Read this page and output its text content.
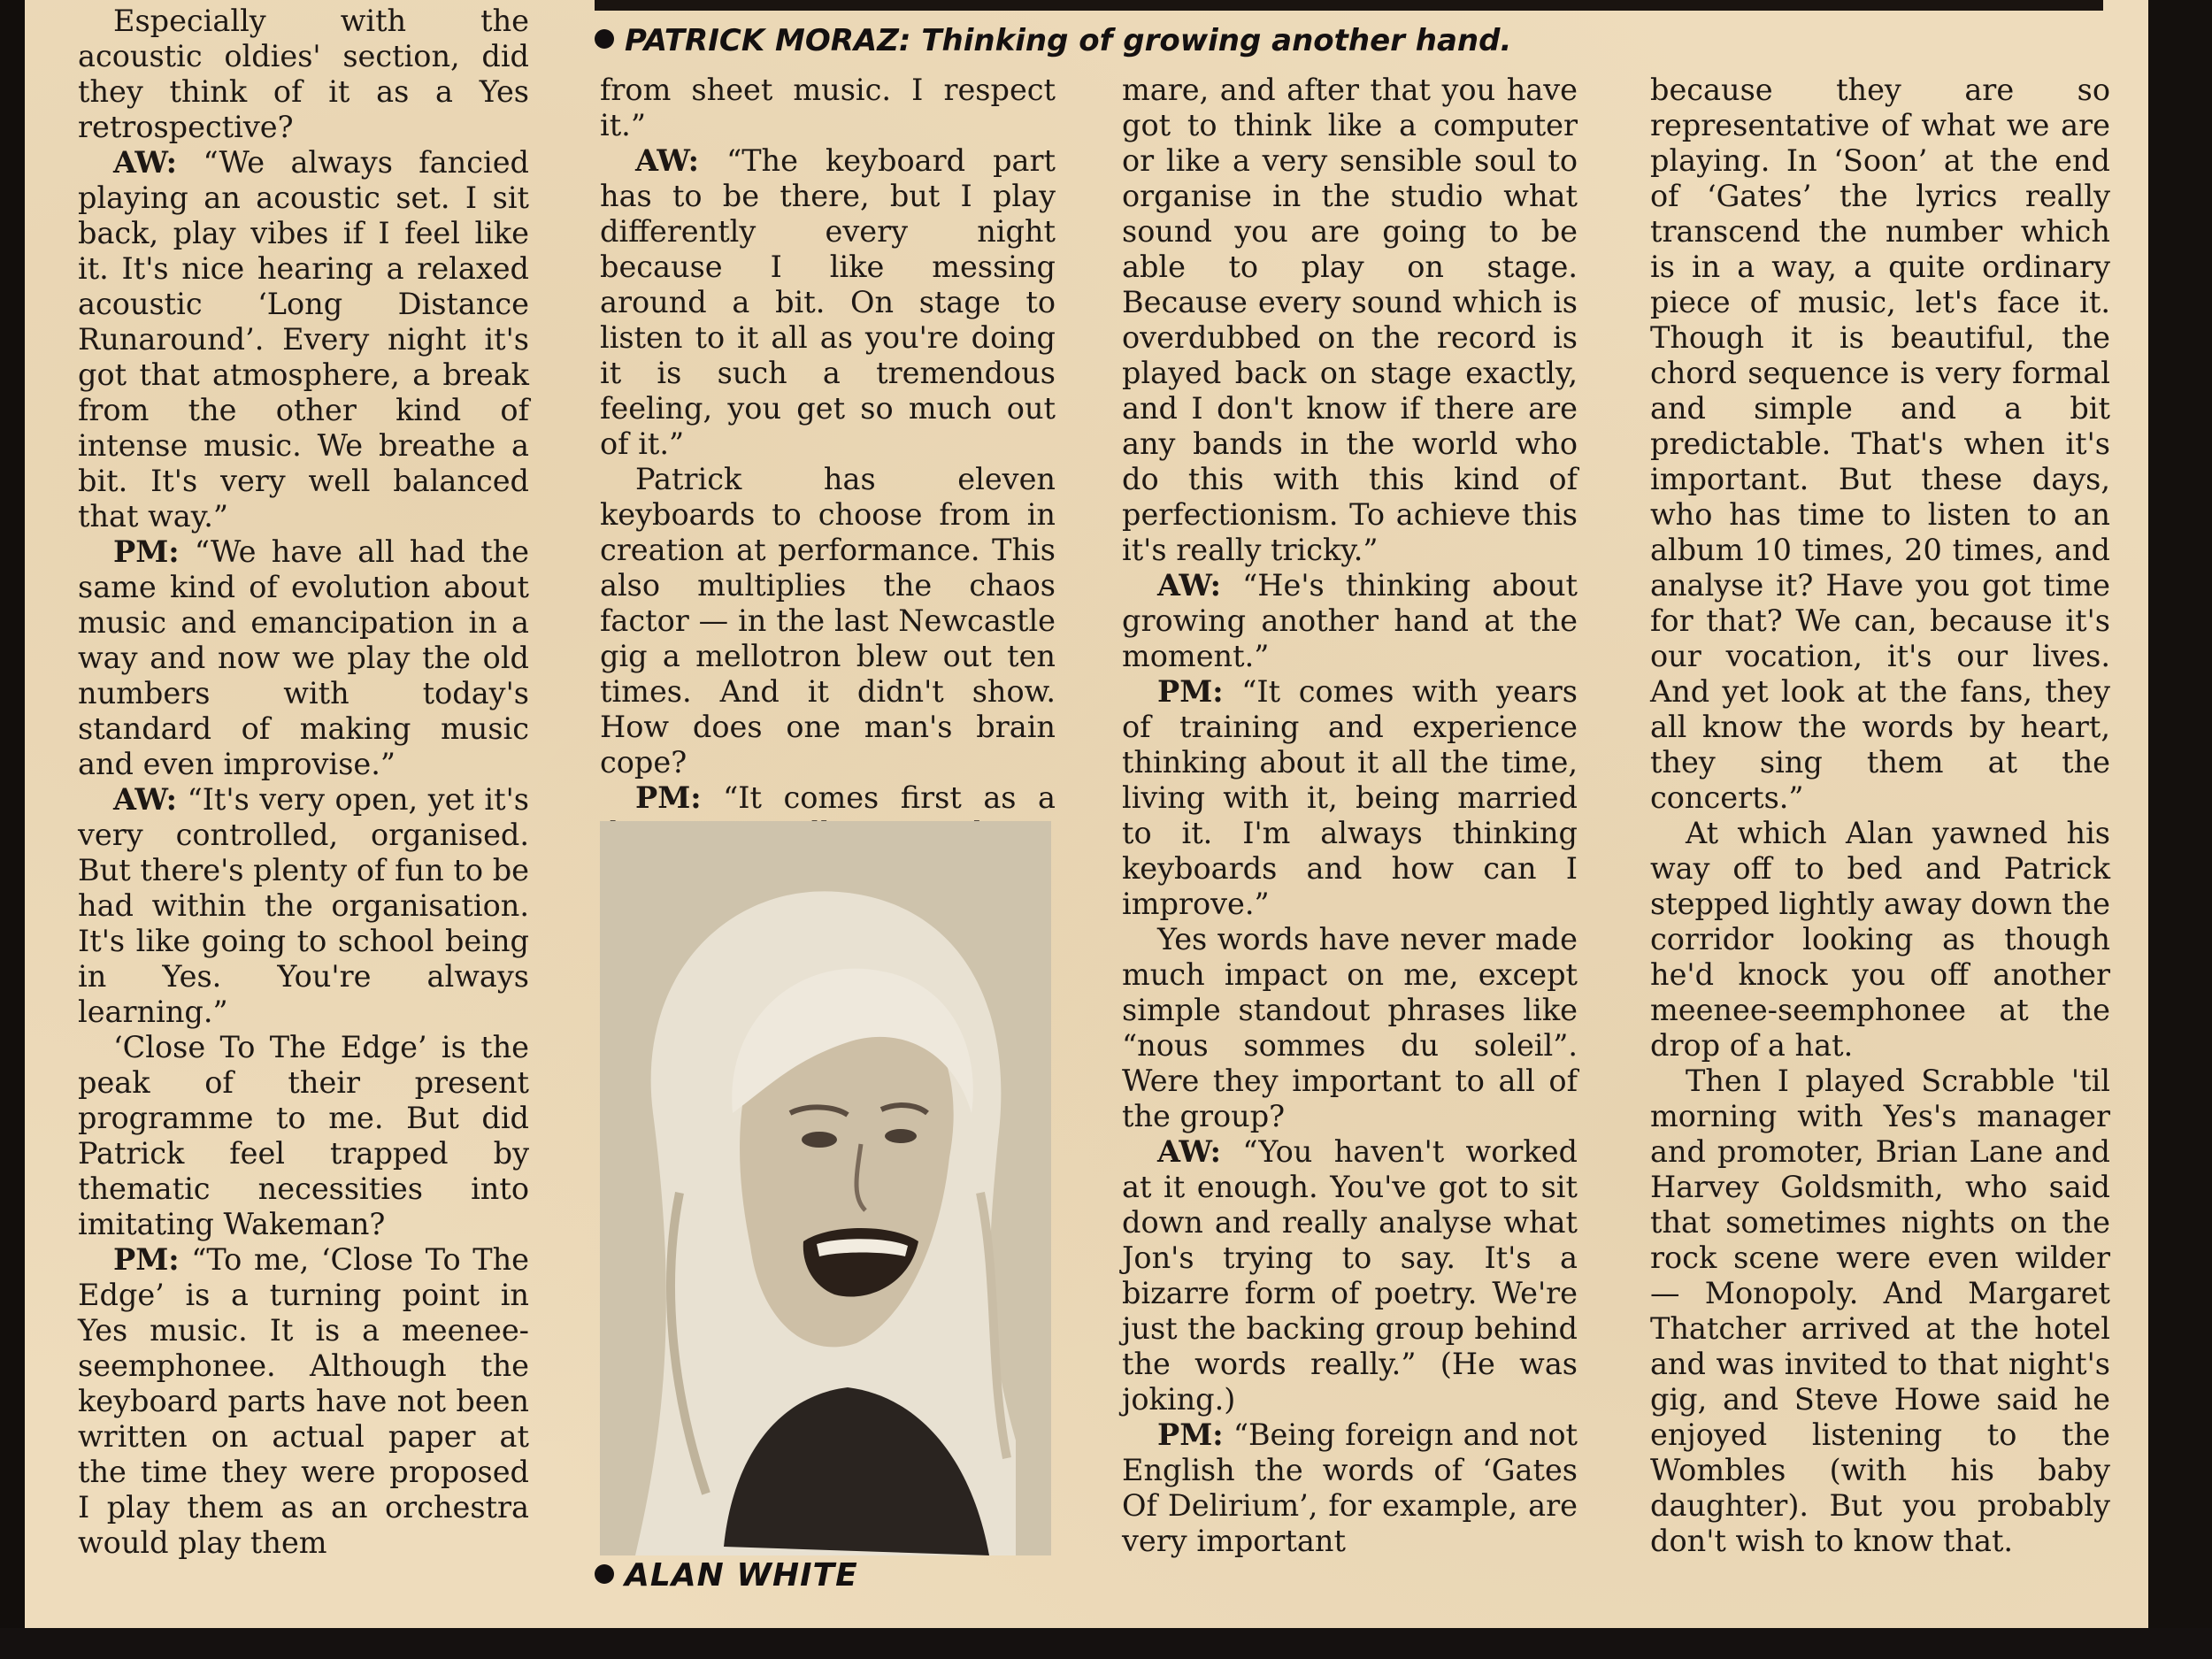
PATRICK MORAZ: Thinking of growing another hand.

Especially with the acoustic oldies' section, did they think of it as a Yes retrospective?

AW: “We always fancied playing an acoustic set. I sit back, play vibes if I feel like it. It's nice hearing a relaxed acoustic ‘Long Distance Runaround’. Every night it's got that atmosphere, a break from the other kind of intense music. We breathe a bit. It's very well balanced that way.”

PM: “We have all had the same kind of evolution about music and emancipation in a way and now we play the old numbers with today's standard of making music and even improvise.”

AW: “It's very open, yet it's very controlled, organised. But there's plenty of fun to be had within the organisation. It's like going to school being in Yes. You're always learning.”

‘Close To The Edge’ is the peak of their present programme to me. But did Patrick feel trapped by thematic necessities into imitating Wakeman?

PM: “To me, ‘Close To The Edge’ is a turning point in Yes music. It is a meenee-seemphonee. Although the keyboard parts have not been written on actual paper at the time they were proposed I play them as an orchestra would play them

from sheet music. I respect it.”

AW: “The keyboard part has to be there, but I play differently every night because I like messing around a bit. On stage to listen to it all as you're doing it is such a tremendous feeling, you get so much out of it.”

Patrick has eleven keyboards to choose from in creation at performance. This also multiplies the chaos factor — in the last Newcastle gig a mellotron blew out ten times. And it didn't show. How does one man's brain cope?

PM: “It comes first as a

mare, and after that you have got to think like a computer or like a very sensible soul to organise in the studio what sound you are going to be able to play on stage. Because every sound which is overdubbed on the record is played back on stage exactly, and I don't know if there are any bands in the world who do this with this kind of perfectionism. To achieve this it's really tricky.”

AW: “He's thinking about growing another hand at the moment.”

PM: “It comes with years of training and experience thinking about it all the time, living with it, being married to it. I'm always thinking keyboards and how can I improve.”

Yes words have never made much impact on me, except simple standout phrases like “nous sommes du soleil”. Were they important to all of the group?

AW: “You haven't worked at it enough. You've got to sit down and really analyse what Jon's trying to say. It's a bizarre form of poetry. We're just the backing group behind the words really.” (He was joking.)

PM: “Being foreign and not English the words of ‘Gates Of Delirium’, for example, are very important

because they are so representative of what we are playing. In ‘Soon’ at the end of ‘Gates’ the lyrics really transcend the number which is in a way, a quite ordinary piece of music, let's face it. Though it is beautiful, the chord sequence is very formal and simple and a bit predictable. That's when it's important. But these days, who has time to listen to an album 10 times, 20 times, and analyse it? Have you got time for that? We can, because it's our vocation, it's our lives. And yet look at the fans, they all know the words by heart, they sing them at the concerts.”

At which Alan yawned his way off to bed and Patrick stepped lightly away down the corridor looking as though he'd knock you off another meenee-seemphonee at the drop of a hat.

Then I played Scrabble 'til morning with Yes's manager and promoter, Brian Lane and Harvey Goldsmith, who said that sometimes nights on the rock scene were even wilder — Monopoly. And Margaret Thatcher arrived at the hotel and was invited to that night's gig, and Steve Howe said he enjoyed listening to the Wombles (with his baby daughter). But you probably don't wish to know that.

ALAN WHITE
